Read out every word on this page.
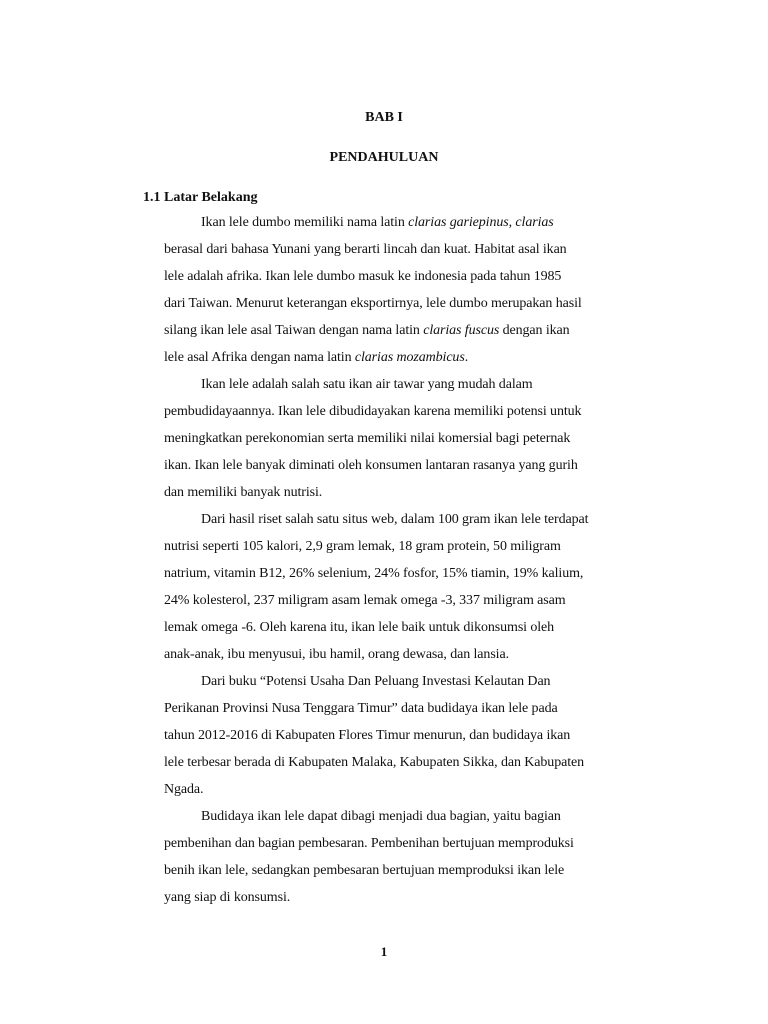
BAB I
PENDAHULUAN
1.1 Latar Belakang
Ikan lele dumbo memiliki nama latin clarias gariepinus, clarias
berasal dari bahasa Yunani yang berarti lincah dan kuat. Habitat asal ikan
lele adalah afrika. Ikan lele dumbo masuk ke indonesia pada tahun 1985
dari Taiwan. Menurut keterangan eksportirnya, lele dumbo merupakan hasil
silang ikan lele asal Taiwan dengan nama latin clarias fuscus dengan ikan
lele asal Afrika dengan nama latin clarias mozambicus.
Ikan lele adalah salah satu ikan air tawar yang mudah dalam
pembudidayaannya. Ikan lele dibudidayakan karena memiliki potensi untuk
meningkatkan perekonomian serta memiliki nilai komersial bagi peternak
ikan. Ikan lele banyak diminati oleh konsumen lantaran rasanya yang gurih
dan memiliki banyak nutrisi.
Dari hasil riset salah satu situs web, dalam 100 gram ikan lele terdapat
nutrisi seperti 105 kalori, 2,9 gram lemak, 18 gram protein, 50 miligram
natrium, vitamin B12, 26% selenium, 24% fosfor, 15% tiamin, 19% kalium,
24% kolesterol, 237 miligram asam lemak omega -3, 337 miligram asam
lemak omega -6. Oleh karena itu, ikan lele baik untuk dikonsumsi oleh
anak-anak, ibu menyusui, ibu hamil, orang dewasa, dan lansia.
Dari buku “Potensi Usaha Dan Peluang Investasi Kelautan Dan
Perikanan Provinsi Nusa Tenggara Timur” data budidaya ikan lele pada
tahun 2012-2016 di Kabupaten Flores Timur menurun, dan budidaya ikan
lele terbesar berada di Kabupaten Malaka, Kabupaten Sikka, dan Kabupaten
Ngada.
Budidaya ikan lele dapat dibagi menjadi dua bagian, yaitu bagian
pembenihan dan bagian pembesaran. Pembenihan bertujuan memproduksi
benih ikan lele, sedangkan pembesaran bertujuan memproduksi ikan lele
yang siap di konsumsi.
1
